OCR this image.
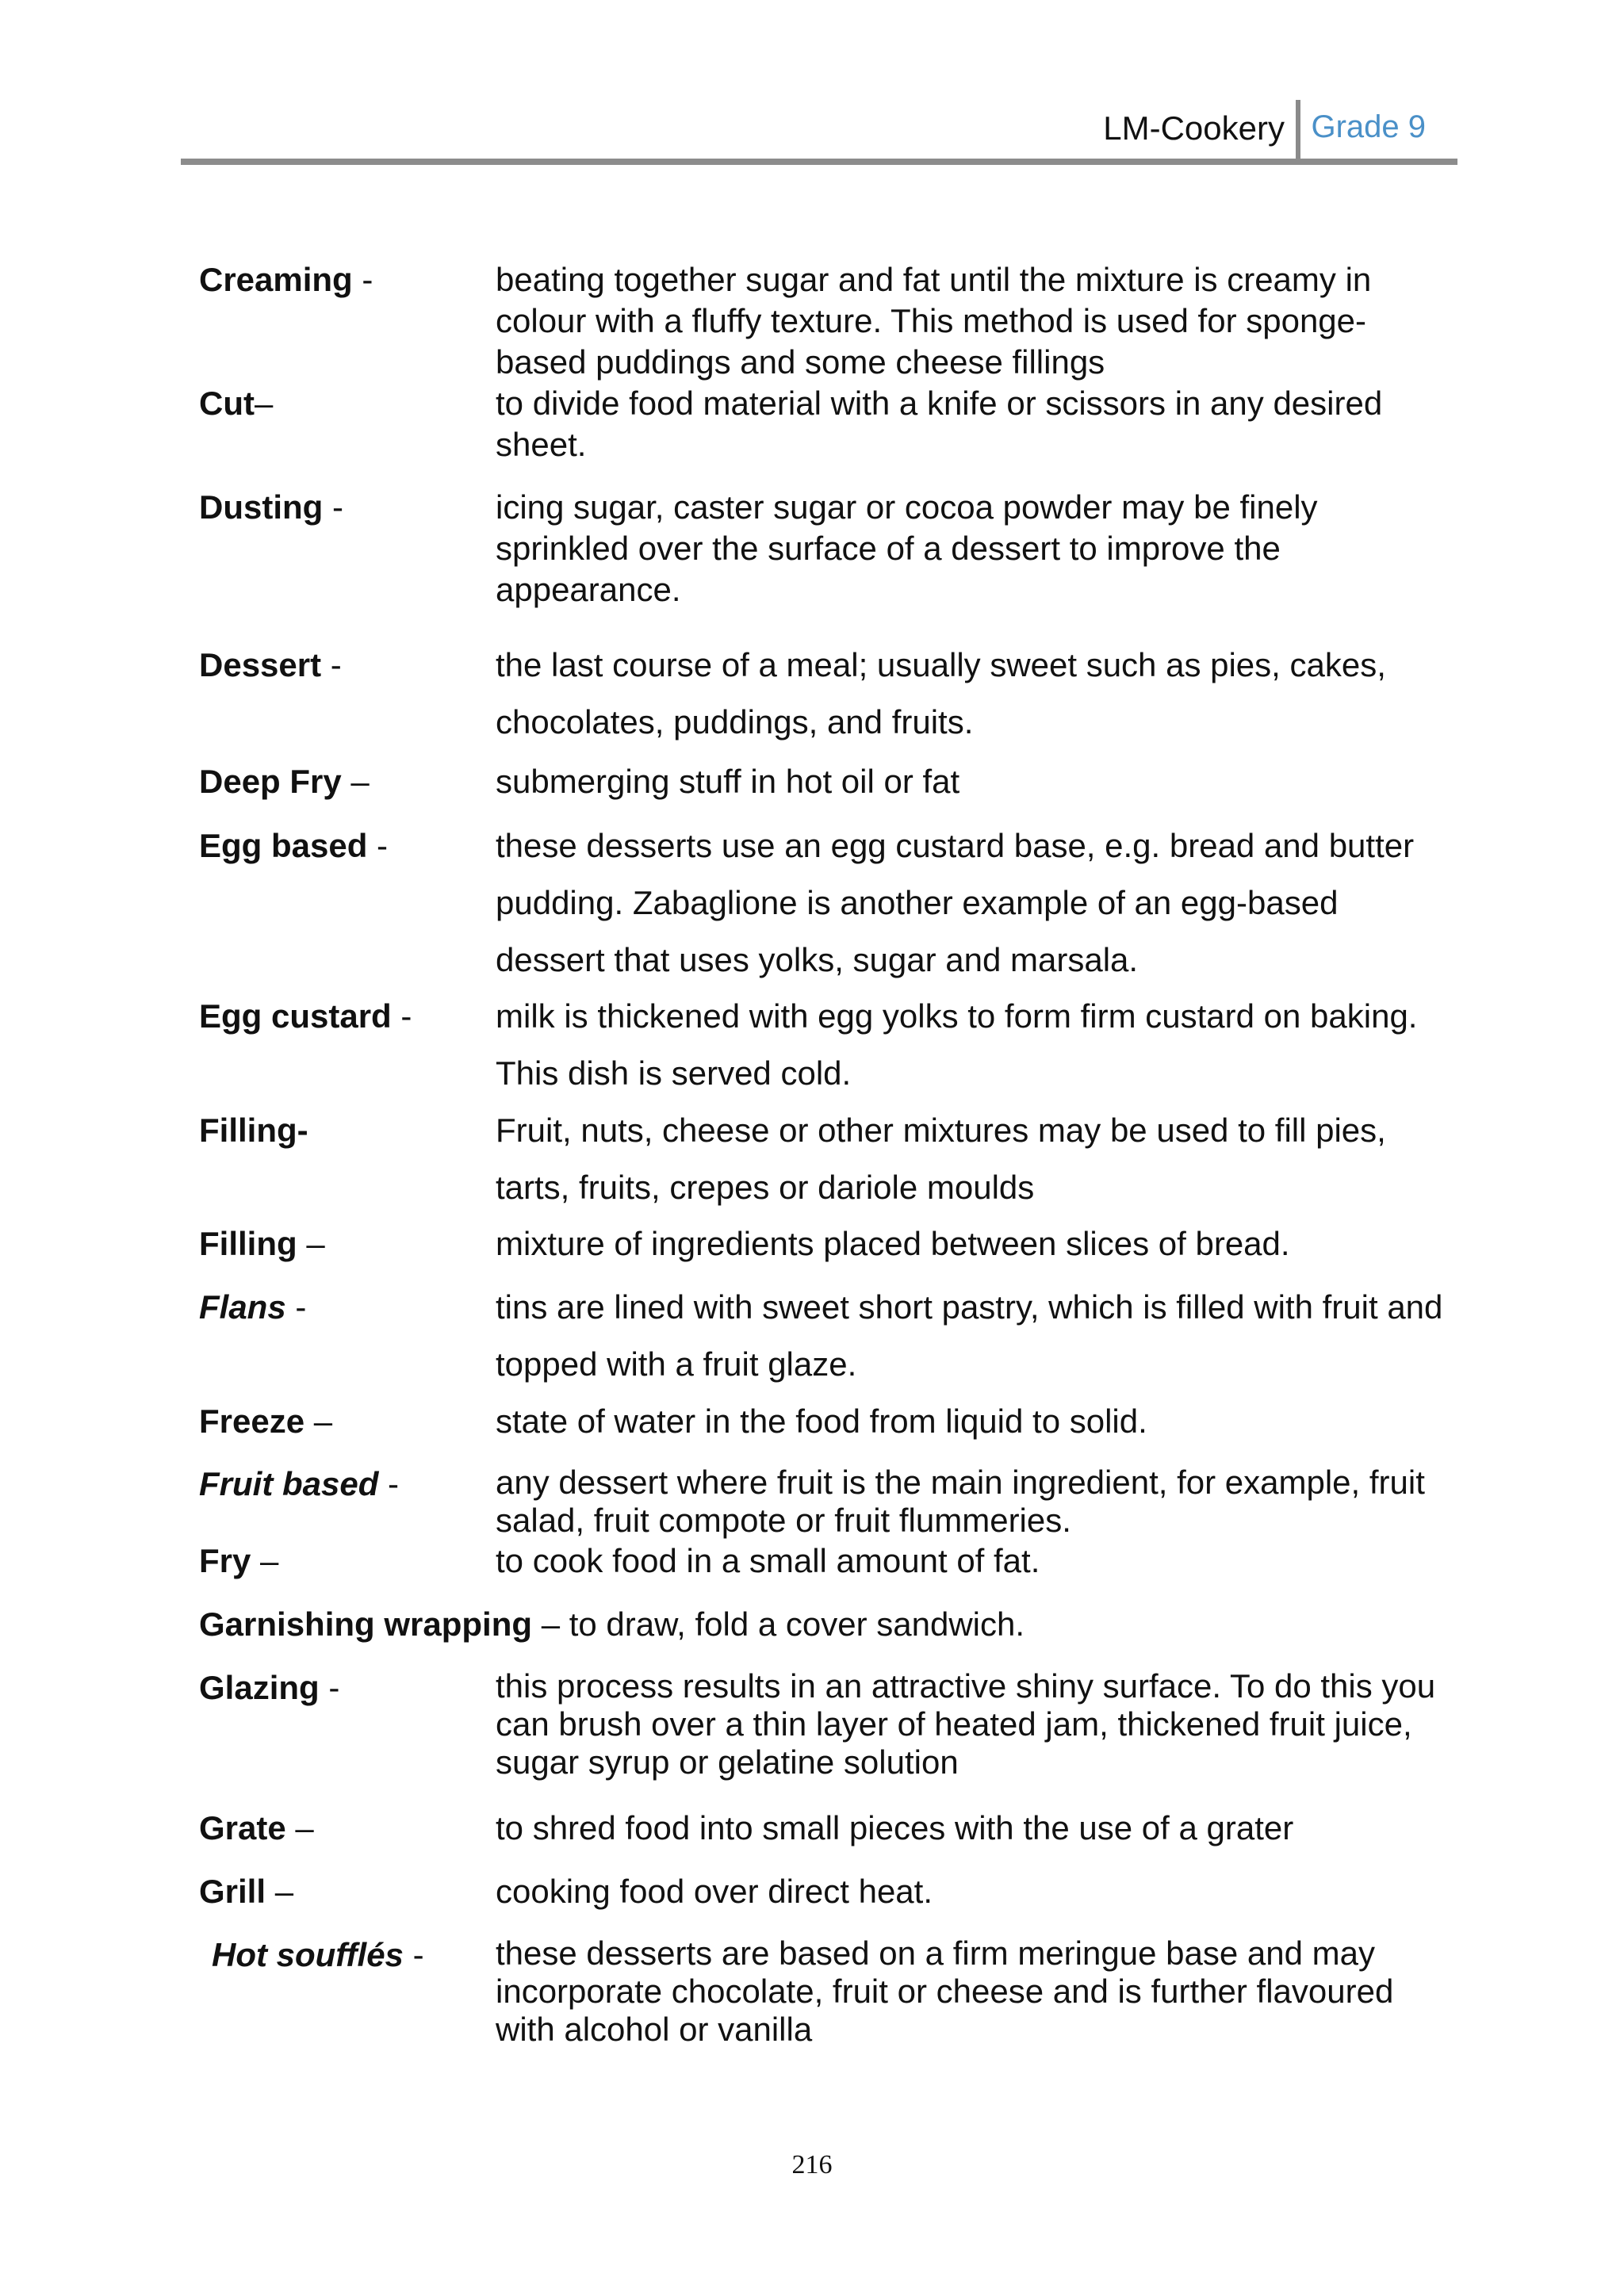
LM-Cookery Grade 9
Creaming -	beating together sugar and fat until the mixture is creamy in colour with a fluffy texture. This method is used for sponge-based puddings and some cheese fillings
Cut–	to divide food material with a knife or scissors in any desired sheet.
Dusting -	icing sugar, caster sugar or cocoa powder may be finely sprinkled over the surface of a dessert to improve the appearance.
Dessert -	the last course of a meal; usually sweet such as pies, cakes, chocolates, puddings, and fruits.
Deep Fry –	submerging stuff in hot oil or fat
Egg based -	these desserts use an egg custard base, e.g. bread and butter pudding. Zabaglione is another example of an egg-based dessert that uses yolks, sugar and marsala.
Egg custard -	milk is thickened with egg yolks to form firm custard on baking. This dish is served cold.
Filling-	Fruit, nuts, cheese or other mixtures may be used to fill pies, tarts, fruits, crepes or dariole moulds
Filling –	mixture of ingredients placed between slices of bread.
Flans -	tins are lined with sweet short pastry, which is filled with fruit and topped with a fruit glaze.
Freeze –	state of water in the food from liquid to solid.
Fruit based -	any dessert where fruit is the main ingredient, for example, fruit salad, fruit compote or fruit flummeries.
Fry –	to cook food in a small amount of fat.
Garnishing wrapping – to draw, fold a cover sandwich.
Glazing -	this process results in an attractive shiny surface. To do this you can brush over a thin layer of heated jam, thickened fruit juice, sugar syrup or gelatine solution
Grate –	to shred food into small pieces with the use of a grater
Grill –	cooking food over direct heat.
Hot soufflés - these desserts are based on a firm meringue base and may incorporate chocolate, fruit or cheese and is further flavoured with alcohol or vanilla
216
